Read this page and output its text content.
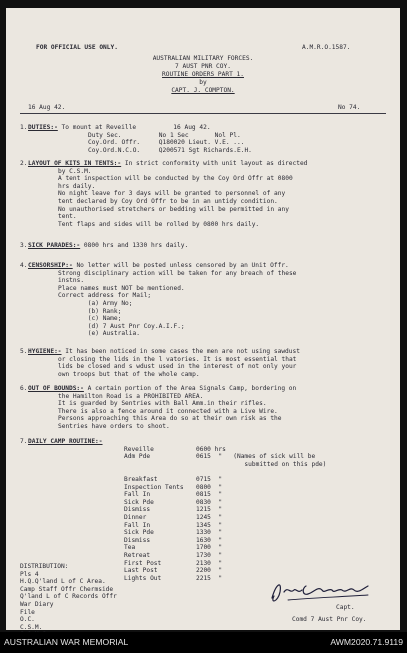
FOR OFFICIAL USE ONLY.	A.M.R.O.1587.
AUSTRALIAN MILITARY FORCES.
7 AUST PNR COY.
ROUTINE ORDERS PART 1.
by
CAPT. J. COMPTON.
16 Aug 42.	No 74.
DUTIES:- To mount at Reveille          16 Aug 42.
Duty Sec.          No 1 Sec       Nol Pl.
Coy.Ord. Offr.     Q180020 Lieut. V.E. ...
Coy.Ord.N.C.O.     Q200571 Sgt Richards.E.H.
1.
2. LAYOUT OF KITS IN TENTS:- In strict conformity with unit layout as directed
by C.S.M.
A tent inspection will be conducted by the Coy Ord Offr at 0800
hrs daily.
No night leave for 3 days will be granted to personnel of any
tent declared by Coy Ord Offr to be in an untidy condition.
No unauthorised stretchers or bedding will be permitted in any
tent.
Tent flaps and sides will be rolled by 0800 hrs daily.
3. SICK PARADES:- 0800 hrs and 1330 hrs daily.
4. CENSORSHIP:- No letter will be posted unless censored by an Unit Offr.
Strong disciplinary action will be taken for any breach of these
instns.
Place names must NOT be mentioned.
Correct address for Mail;
(a) Army No;
(b) Rank;
(c) Name;
(d) 7 Aust Pnr Coy.A.I.F.;
(e) Australia.
5. HYGIENE:- It has been noticed in some cases the men are not using sawdust
or closing the lids in the l vatories. It is most essential that
lids be closed and s wdust used in the interest of not only your
own troops but that of the whole camp.
6. OUT OF BOUNDS:- A certain portion of the Area Signals Camp, bordering on
the Hamilton Road is a PROHIBITED AREA.
It is guarded by Sentries with Ball Amm.in their rifles.
There is also a fence around it connected with a Live Wire.
Persons approaching this Area do so at their own risk as the
Sentries have orders to shoot.
7. DAILY CAMP ROUTINE:-
Reveille	0600 hrs
Adm Pde	0615  "   (Names of sick will be
submitted on this pde)

Breakfast	0715  "
Inspection Tents 0800  "
Fall In	0815  "
Sick Pde	0830  "
Dismiss	1215  "
Dinner	1245  "
Fall In	1345  "
Sick Pde	1330  "
Dismiss	1630  "
Tea	1700  "
Retreat	1730  "
First Post	2130  "
Last Post	2200  "
Lights Out	2215  "
DISTRIBUTION:
Pls 4
H.Q.Q'land L of C Area.
Camp Staff Offr Chermside
Q'land L of C Records Offr
War Diary
File
O.C.
C.S.M.
Capt.
Comd 7 Aust Pnr Coy.
AUSTRALIAN WAR MEMORIAL	AWM2020.71.9119
